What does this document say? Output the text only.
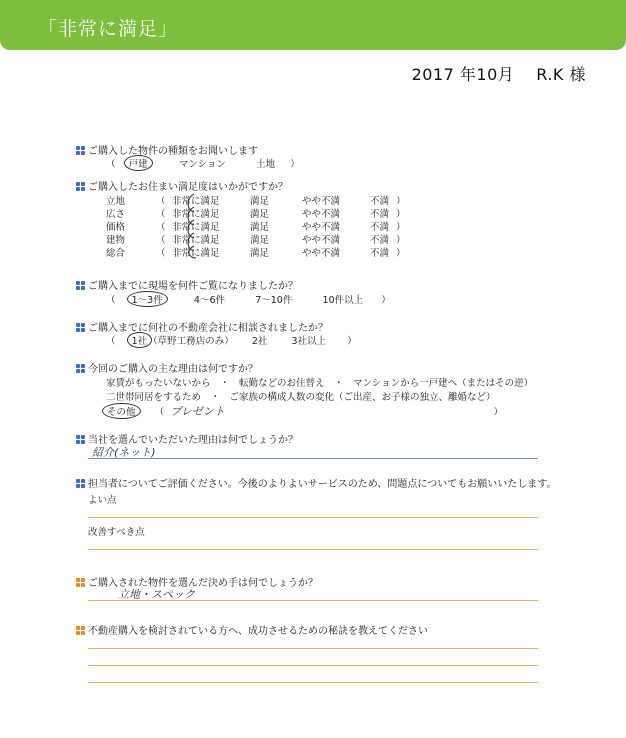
「非常に満足」
2017 年10月 R.K 様
ご購入した物件の種類をお聞いします
（    戸建	マンション	土地     ）
ご購入したお住まい満足度はいかがですか？
立地	（ 非常に満足	満足	やや不満	不満 ）
広さ	（ 非常に満足	満足	やや不満	不満 ）
価格	（ 非常に満足	満足	やや不満	不満 ）
建物	（ 非常に満足	満足	やや不満	不満 ）
総合	（ 非常に満足	満足	やや不満	不満 ）
ご購入までに現場を何件ご覧になりましたか？
（     1～3件	4～6件	7～10件	10件以上      ）
ご購入までに何社の不動産会社に相談されましたか？
（     1社（草野工務店のみ）      2社	3社以上       ）
今回のご購入の主な理由は何ですか？
家賃がもったいないから　・　転勤などのお住替え　・　マンションから一戸建へ（またはその逆）
二世帯同居をするため　・　ご家族の構成人数の変化（ご出産、お子様の独立、離婚など）
その他      （  プレゼント                                                                                         ）
当社を選んでいただいた理由は何でしょうか？
紹介(ネット)
担当者についてご評価ください。今後のよりよいサービスのため、問題点についてもお願いいたします。
よい点
改善すべき点
ご購入された物件を選んだ決め手は何でしょうか？
立地・スペック
不動産購入を検討されている方へ、成功させるための秘訣を教えてください
